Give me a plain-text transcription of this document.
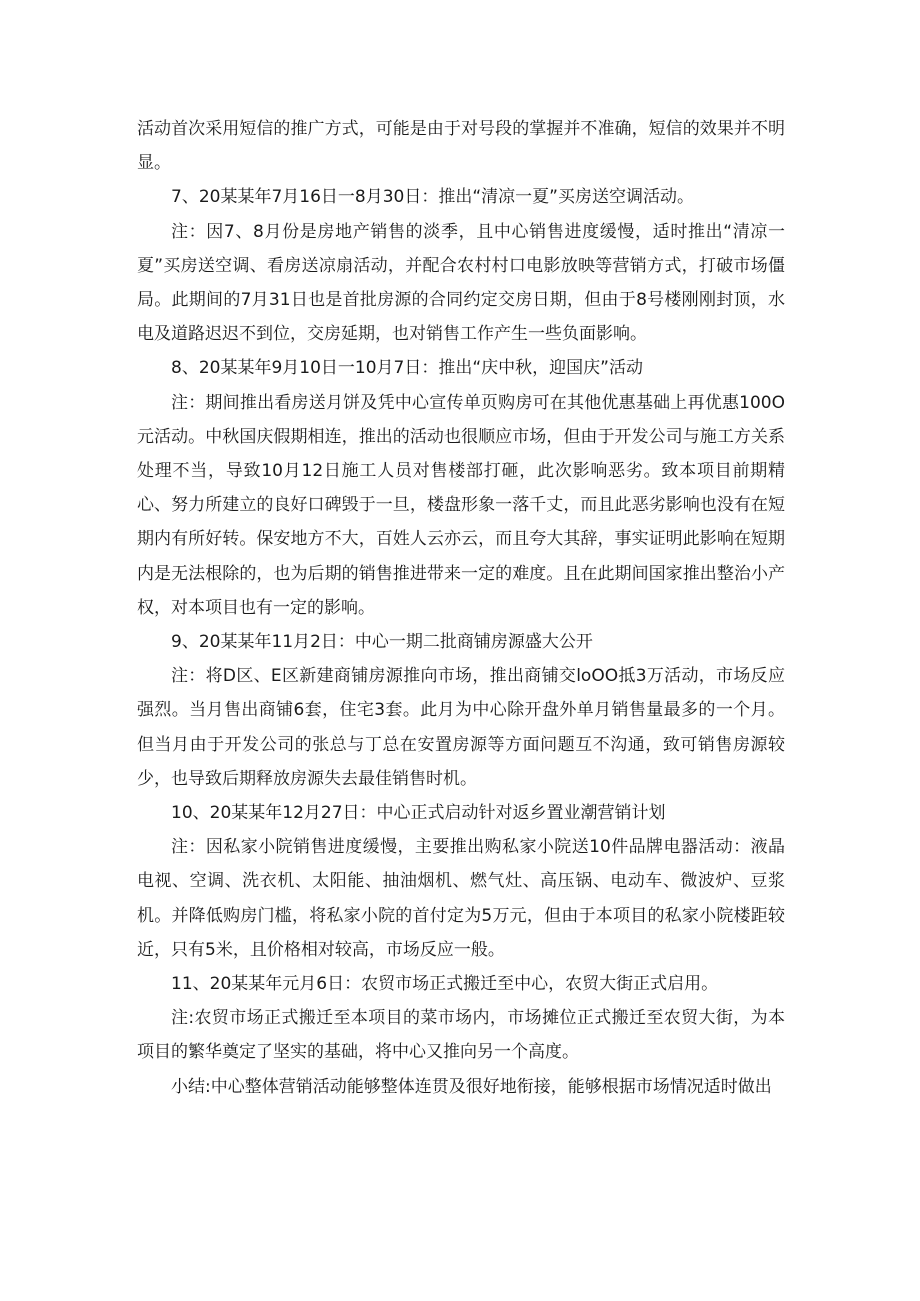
活动首次采用短信的推广方式，可能是由于对号段的掌握并不准确，短信的效果并不明显。

7、20某某年7月16日一8月30日：推出“清凉一夏”买房送空调活动。

注：因7、8月份是房地产销售的淡季，且中心销售进度缓慢，适时推出“清凉一夏”买房送空调、看房送凉扇活动，并配合农村村口电影放映等营销方式，打破市场僵局。此期间的7月31日也是首批房源的合同约定交房日期，但由于8号楼刚刚封顶，水电及道路迟迟不到位，交房延期，也对销售工作产生一些负面影响。

8、20某某年9月10日一10月7日：推出“庆中秋，迎国庆”活动

注：期间推出看房送月饼及凭中心宣传单页购房可在其他优惠基础上再优惠100O元活动。中秋国庆假期相连，推出的活动也很顺应市场，但由于开发公司与施工方关系处理不当，导致10月12日施工人员对售楼部打砸，此次影响恶劣。致本项目前期精心、努力所建立的良好口碑毁于一旦，楼盘形象一落千丈，而且此恶劣影响也没有在短期内有所好转。保安地方不大，百姓人云亦云，而且夸大其辞，事实证明此影响在短期内是无法根除的，也为后期的销售推进带来一定的难度。且在此期间国家推出整治小产权，对本项目也有一定的影响。

9、20某某年11月2日：中心一期二批商铺房源盛大公开

注：将D区、E区新建商铺房源推向市场，推出商铺交loOO抵3万活动，市场反应强烈。当月售出商铺6套，住宅3套。此月为中心除开盘外单月销售量最多的一个月。但当月由于开发公司的张总与丁总在安置房源等方面问题互不沟通，致可销售房源较少，也导致后期释放房源失去最佳销售时机。

10、20某某年12月27日：中心正式启动针对返乡置业潮营销计划

注：因私家小院销售进度缓慢，主要推出购私家小院送10件品牌电器活动：液晶电视、空调、洗衣机、太阳能、抽油烟机、燃气灶、高压锅、电动车、微波炉、豆浆机。并降低购房门槛，将私家小院的首付定为5万元，但由于本项目的私家小院楼距较近，只有5米，且价格相对较高，市场反应一般。

11、20某某年元月6日：农贸市场正式搬迁至中心，农贸大街正式启用。

注:农贸市场正式搬迁至本项目的菜市场内，市场摊位正式搬迁至农贸大街，为本项目的繁华奠定了坚实的基础，将中心又推向另一个高度。

小结:中心整体营销活动能够整体连贯及很好地衔接，能够根据市场情况适时做出
